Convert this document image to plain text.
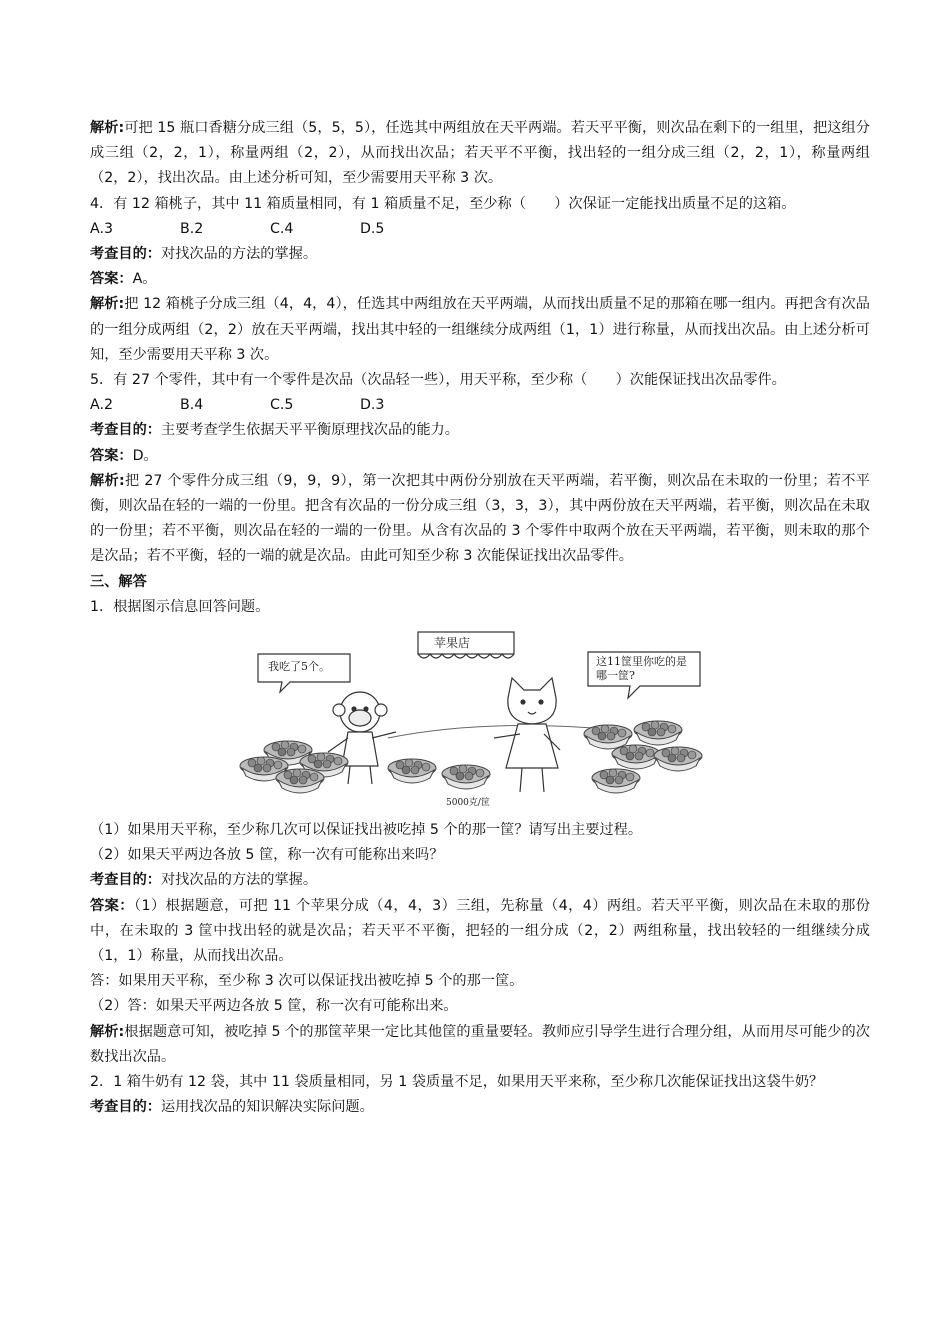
解析:可把 15 瓶口香糖分成三组（5，5，5），任选其中两组放在天平两端。若天平平衡，则次品在剩下的一组里，把这组分成三组（2，2，1），称量两组（2，2），从而找出次品；若天平不平衡，找出轻的一组分成三组（2，2，1），称量两组（2，2），找出次品。由上述分析可知，至少需要用天平称 3 次。

4．有 12 箱桃子，其中 11 箱质量相同，有 1 箱质量不足，至少称（　　）次保证一定能找出质量不足的这箱。

A.3	B.2	C.4	D.5

考查目的：对找次品的方法的掌握。

答案：A。

解析:把 12 箱桃子分成三组（4，4，4），任选其中两组放在天平两端，从而找出质量不足的那箱在哪一组内。再把含有次品的一组分成两组（2，2）放在天平两端，找出其中轻的一组继续分成两组（1，1）进行称量，从而找出次品。由上述分析可知，至少需要用天平称 3 次。

5．有 27 个零件，其中有一个零件是次品（次品轻一些），用天平称，至少称（　　）次能保证找出次品零件。

A.2	B.4	C.5	D.3

考查目的：主要考查学生依据天平平衡原理找次品的能力。

答案：D。

解析:把 27 个零件分成三组（9，9，9），第一次把其中两份分别放在天平两端，若平衡，则次品在未取的一份里；若不平衡，则次品在轻的一端的一份里。把含有次品的一份分成三组（3，3，3），其中两份放在天平两端，若平衡，则次品在未取的一份里；若不平衡，则次品在轻的一端的一份里。从含有次品的 3 个零件中取两个放在天平两端，若平衡，则未取的那个是次品；若不平衡，轻的一端的就是次品。由此可知至少称 3 次能保证找出次品零件。

三、解答

1．根据图示信息回答问题。

苹果店
我吃了5个。	这11筐里你吃的是哪一筐?
5000克/筐

（1）如果用天平称，至少称几次可以保证找出被吃掉 5 个的那一筐？请写出主要过程。

（2）如果天平两边各放 5 筐，称一次有可能称出来吗？

考查目的：对找次品的方法的掌握。

答案：（1）根据题意，可把 11 个苹果分成（4，4，3）三组，先称量（4，4）两组。若天平平衡，则次品在未取的那份中，在未取的 3 筐中找出轻的就是次品；若天平不平衡，把轻的一组分成（2，2）两组称量，找出较轻的一组继续分成（1，1）称量，从而找出次品。

答：如果用天平称，至少称 3 次可以保证找出被吃掉 5 个的那一筐。

（2）答：如果天平两边各放 5 筐，称一次有可能称出来。

解析:根据题意可知，被吃掉 5 个的那筐苹果一定比其他筐的重量要轻。教师应引导学生进行合理分组，从而用尽可能少的次数找出次品。

2．1 箱牛奶有 12 袋，其中 11 袋质量相同，另 1 袋质量不足，如果用天平来称，至少称几次能保证找出这袋牛奶？

考查目的：运用找次品的知识解决实际问题。
